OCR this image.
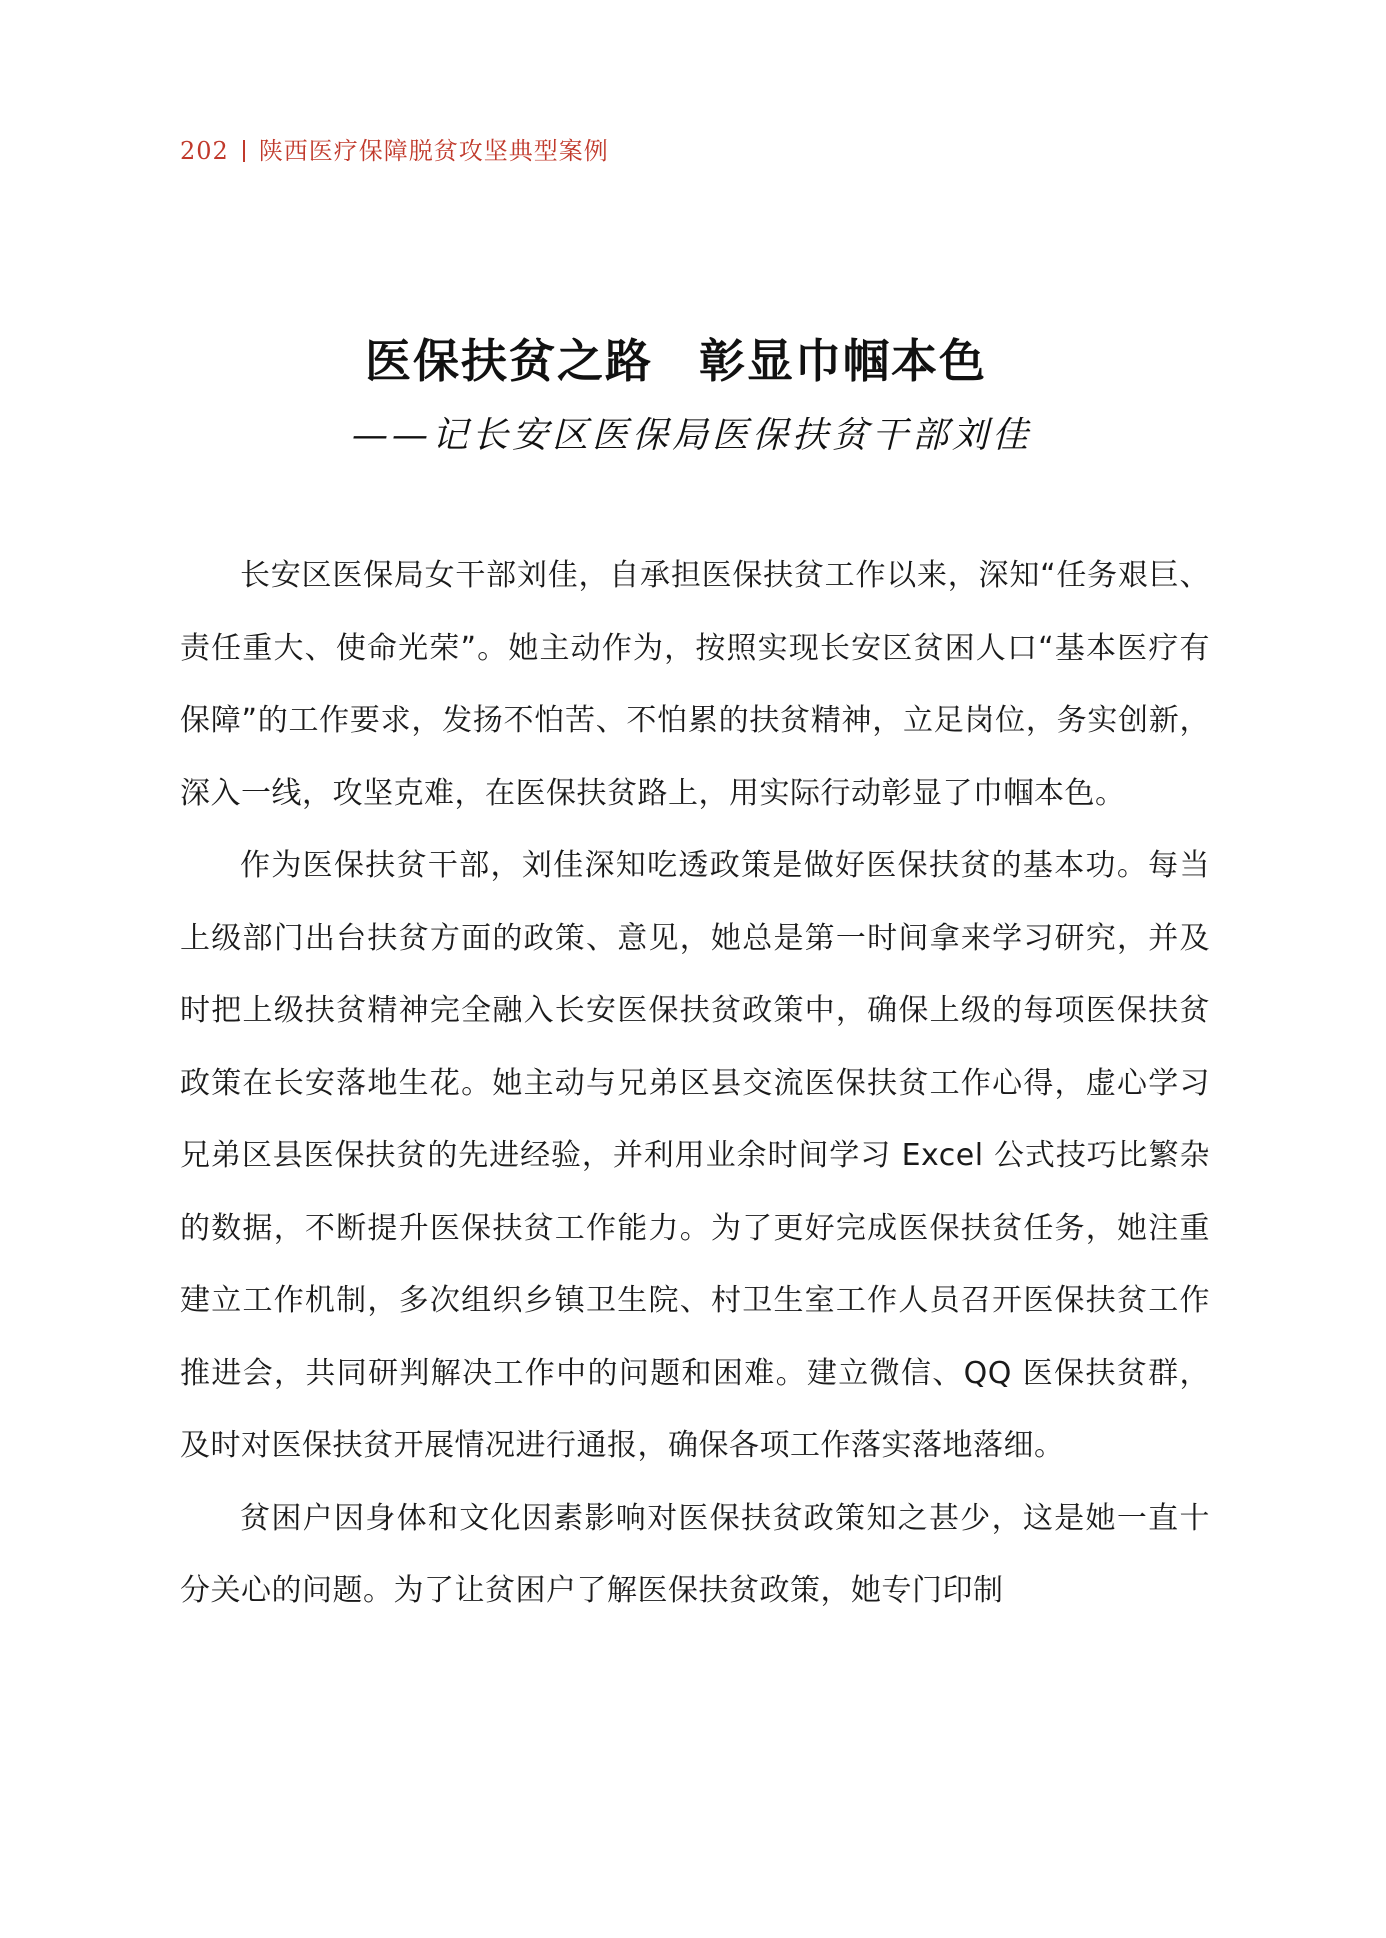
202 陕西医疗保障脱贫攻坚典型案例
医保扶贫之路 彰显巾帼本色
——记长安区医保局医保扶贫干部刘佳

长安区医保局女干部刘佳，自承担医保扶贫工作以来，深知“任务艰巨、责任重大、使命光荣”。她主动作为，按照实现长安区贫困人口“基本医疗有保障”的工作要求，发扬不怕苦、不怕累的扶贫精神，立足岗位，务实创新，深入一线，攻坚克难，在医保扶贫路上，用实际行动彰显了巾帼本色。

作为医保扶贫干部，刘佳深知吃透政策是做好医保扶贫的基本功。每当上级部门出台扶贫方面的政策、意见，她总是第一时间拿来学习研究，并及时把上级扶贫精神完全融入长安医保扶贫政策中，确保上级的每项医保扶贫政策在长安落地生花。她主动与兄弟区县交流医保扶贫工作心得，虚心学习兄弟区县医保扶贫的先进经验，并利用业余时间学习 Excel 公式技巧比繁杂的数据，不断提升医保扶贫工作能力。为了更好完成医保扶贫任务，她注重建立工作机制，多次组织乡镇卫生院、村卫生室工作人员召开医保扶贫工作推进会，共同研判解决工作中的问题和困难。建立微信、QQ 医保扶贫群，及时对医保扶贫开展情况进行通报，确保各项工作落实落地落细。

贫困户因身体和文化因素影响对医保扶贫政策知之甚少，这是她一直十分关心的问题。为了让贫困户了解医保扶贫政策，她专门印制
